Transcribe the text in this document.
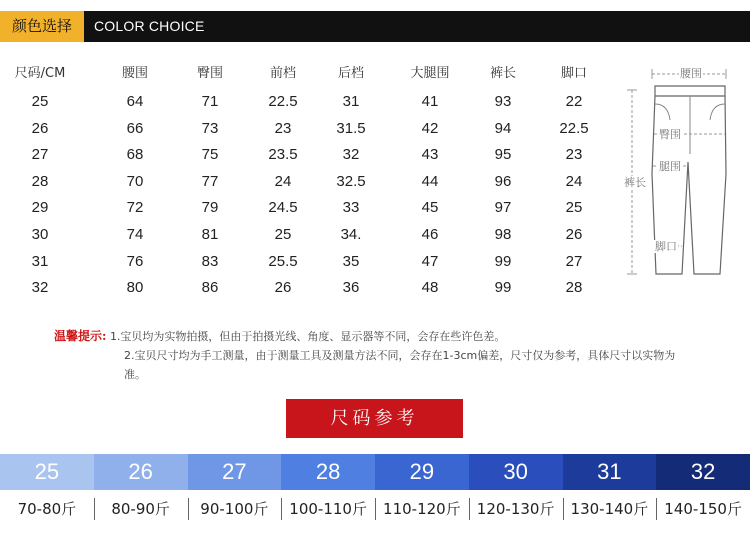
颜色选择	COLOR CHOICE
尺码/CM	腰围	臀围	前档	后档	大腿围	裤长	脚口
25	64	71	22.5	31	41	93	22
26	66	73	23	31.5	42	94	22.5
27	68	75	23.5	32	43	95	23
28	70	77	24	32.5	44	96	24
29	72	79	24.5	33	45	97	25
30	74	81	25	34.	46	98	26
31	76	83	25.5	35	47	99	27
32	80	86	26	36	48	99	28
腰围
臀围
裤长
腿围
脚口
温馨提示: 1.宝贝均为实物拍摄，但由于拍摄光线、角度、显示器等不同，会存在些许色差。
2.宝贝尺寸均为手工测量，由于测量工具及测量方法不同，会存在1-3cm偏差，尺寸仅为参考，具体尺寸以实物为
准。
尺码参考
25	26	27	28	29	30	31	32
70-80斤	80-90斤	90-100斤	100-110斤	110-120斤	120-130斤	130-140斤	140-150斤
